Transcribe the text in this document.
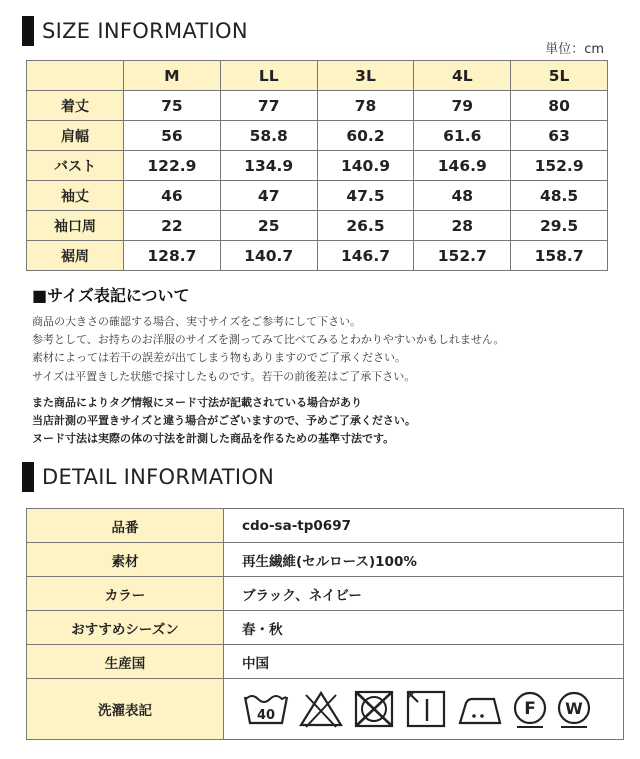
SIZE INFORMATION
単位：cm
	M	LL	3L	4L	5L
着丈	75	77	78	79	80
肩幅	56	58.8	60.2	61.6	63
バスト	122.9	134.9	140.9	146.9	152.9
袖丈	46	47	47.5	48	48.5
袖口周	22	25	26.5	28	29.5
裾周	128.7	140.7	146.7	152.7	158.7
■サイズ表記について
商品の大きさの確認する場合、実寸サイズをご参考にして下さい。
参考として、お持ちのお洋服のサイズを測ってみて比べてみるとわかりやすいかもしれません。
素材によっては若干の誤差が出てしまう物もありますのでご了承ください。
サイズは平置きした状態で採寸したものです。若干の前後差はご了承下さい。
また商品によりタグ情報にヌード寸法が記載されている場合があり
当店計測の平置きサイズと違う場合がございますので、予めご了承ください。
ヌード寸法は実際の体の寸法を計測した商品を作るための基準寸法です。
DETAIL INFORMATION
品番	cdo-sa-tp0697
素材	再生繊維(セルロース)100%
カラー	ブラック、ネイビー
おすすめシーズン	春・秋
生産国	中国
洗濯表記	40 F W
